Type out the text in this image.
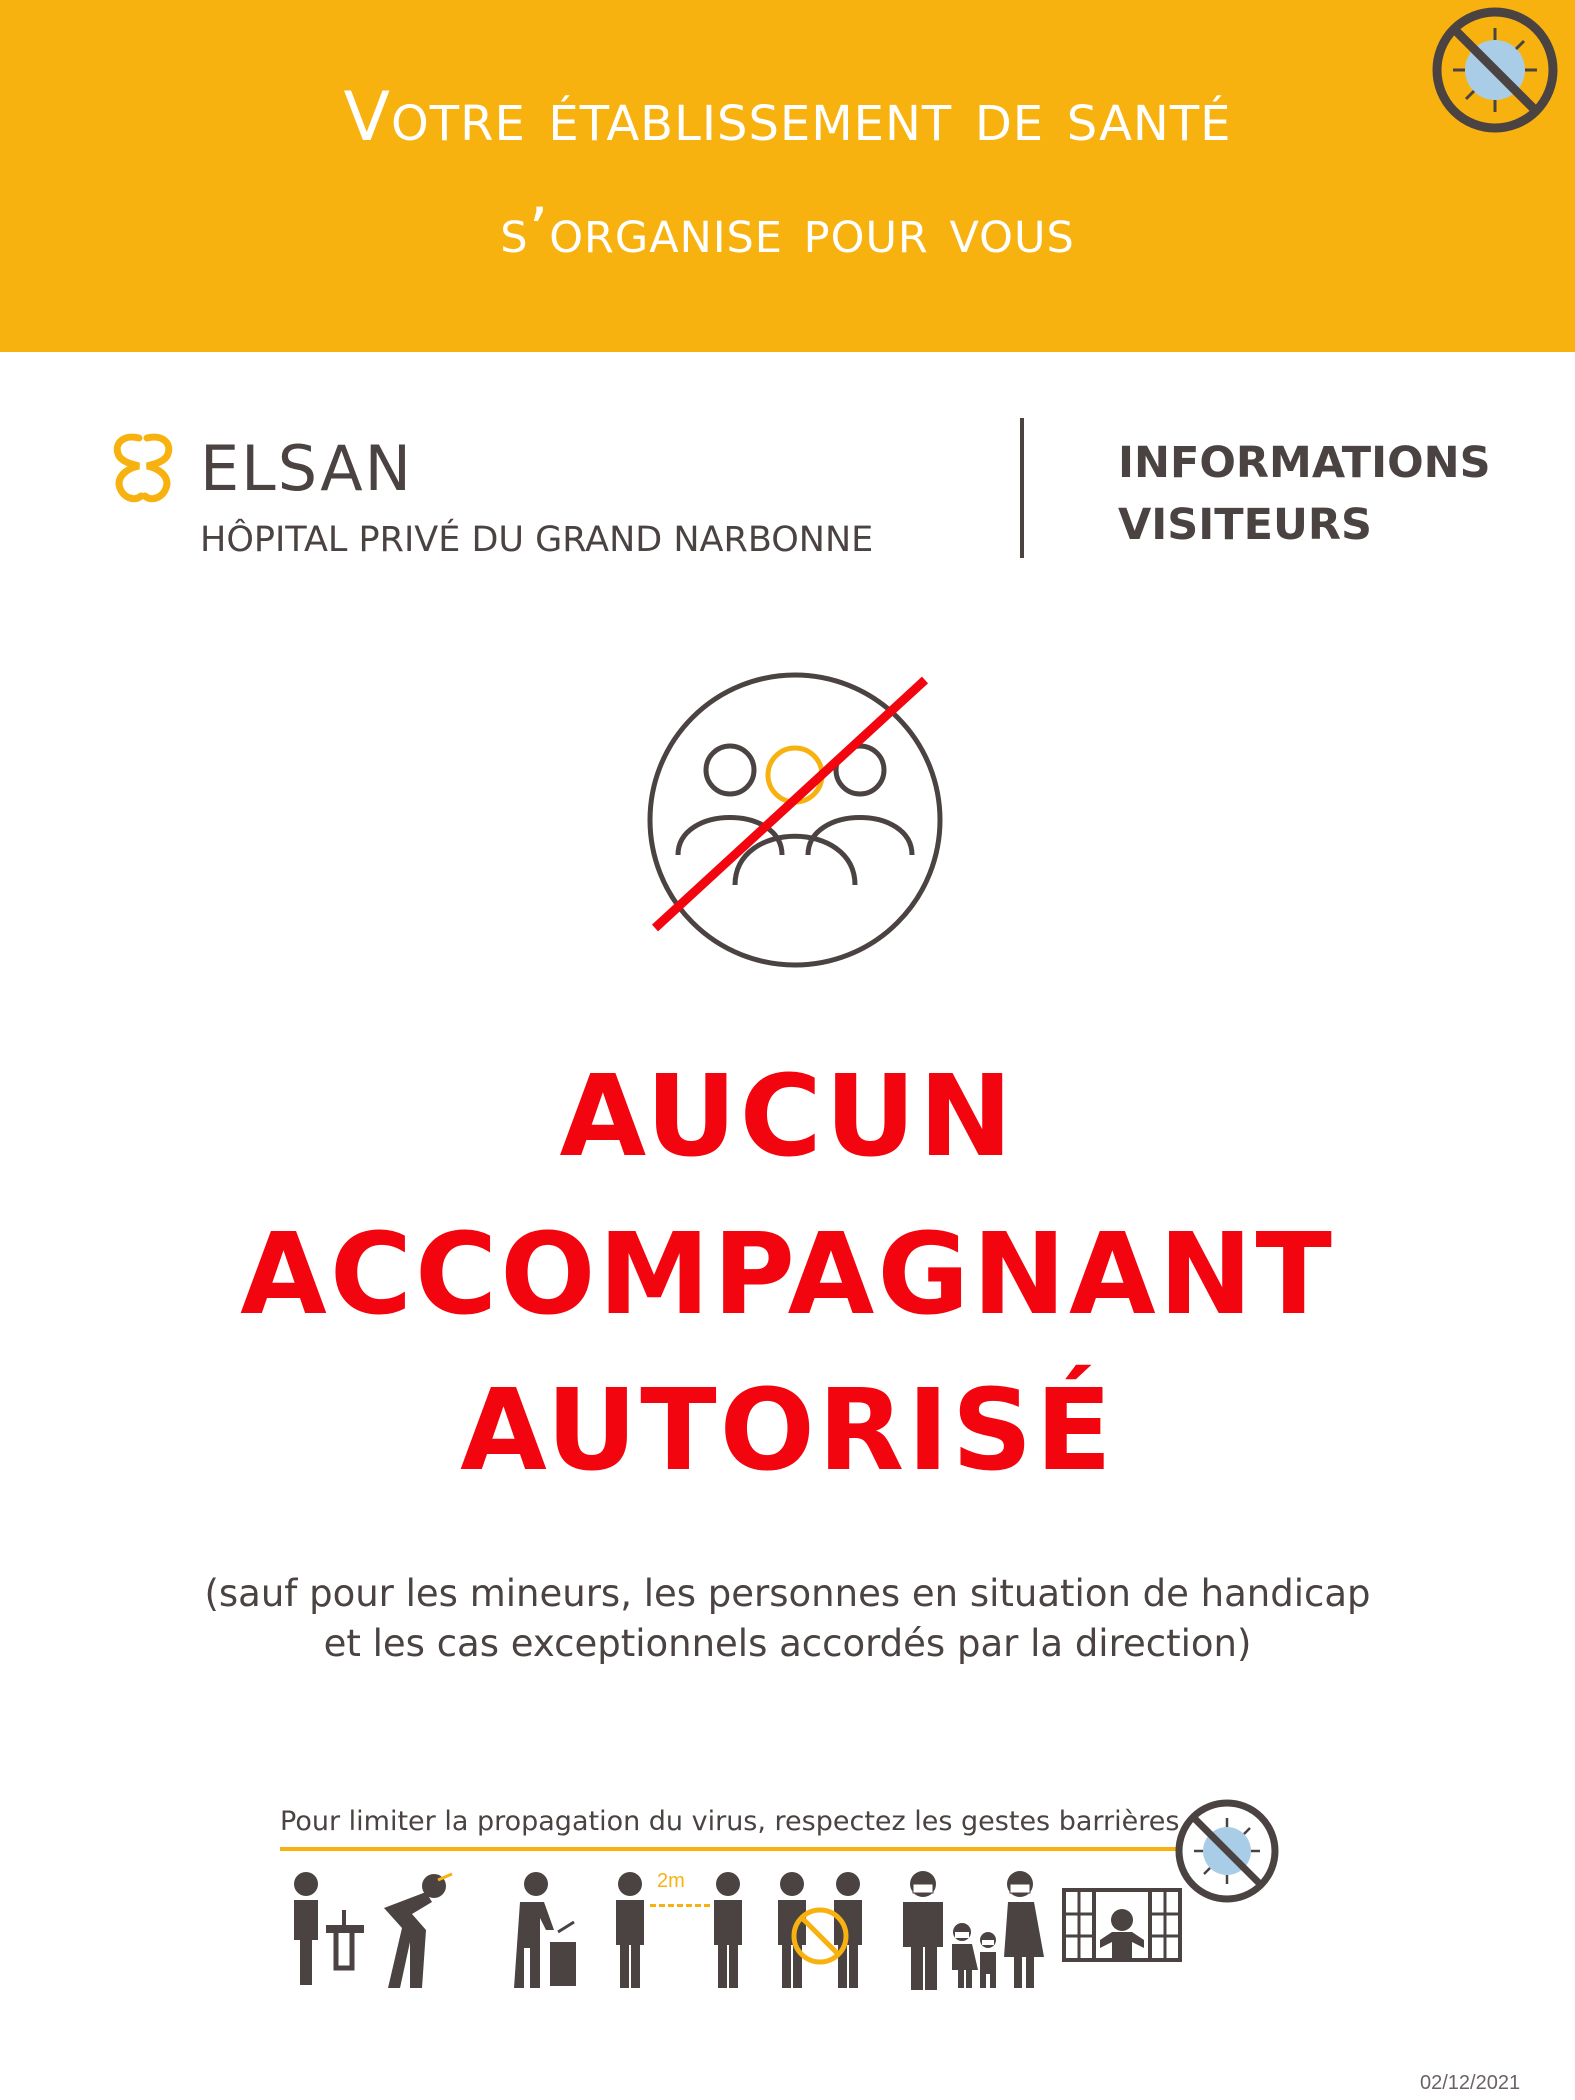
Votre établissement de santé
s’organise pour vous
ELSAN
HÔPITAL PRIVÉ DU GRAND NARBONNE
INFORMATIONS
VISITEURS
AUCUN
ACCOMPAGNANT
AUTORISÉ
(sauf pour les mineurs, les personnes en situation de handicap
et les cas exceptionnels accordés par la direction)
Pour limiter la propagation du virus, respectez les gestes barrières
2m
02/12/2021
